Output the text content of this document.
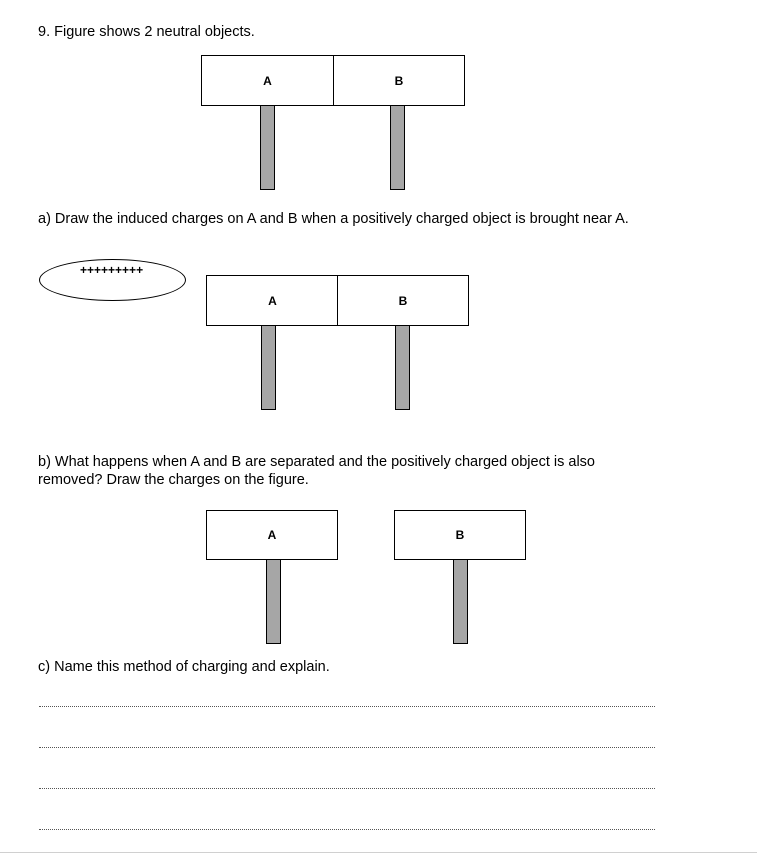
9. Figure shows 2 neutral objects.
A	B
a) Draw the induced charges on A and B when a positively charged object is brought near A.
+++++++++
A	B
b) What happens when A and B are separated and the positively charged object is also
removed? Draw the charges on the figure.
A	B
c) Name this method of charging and explain.
